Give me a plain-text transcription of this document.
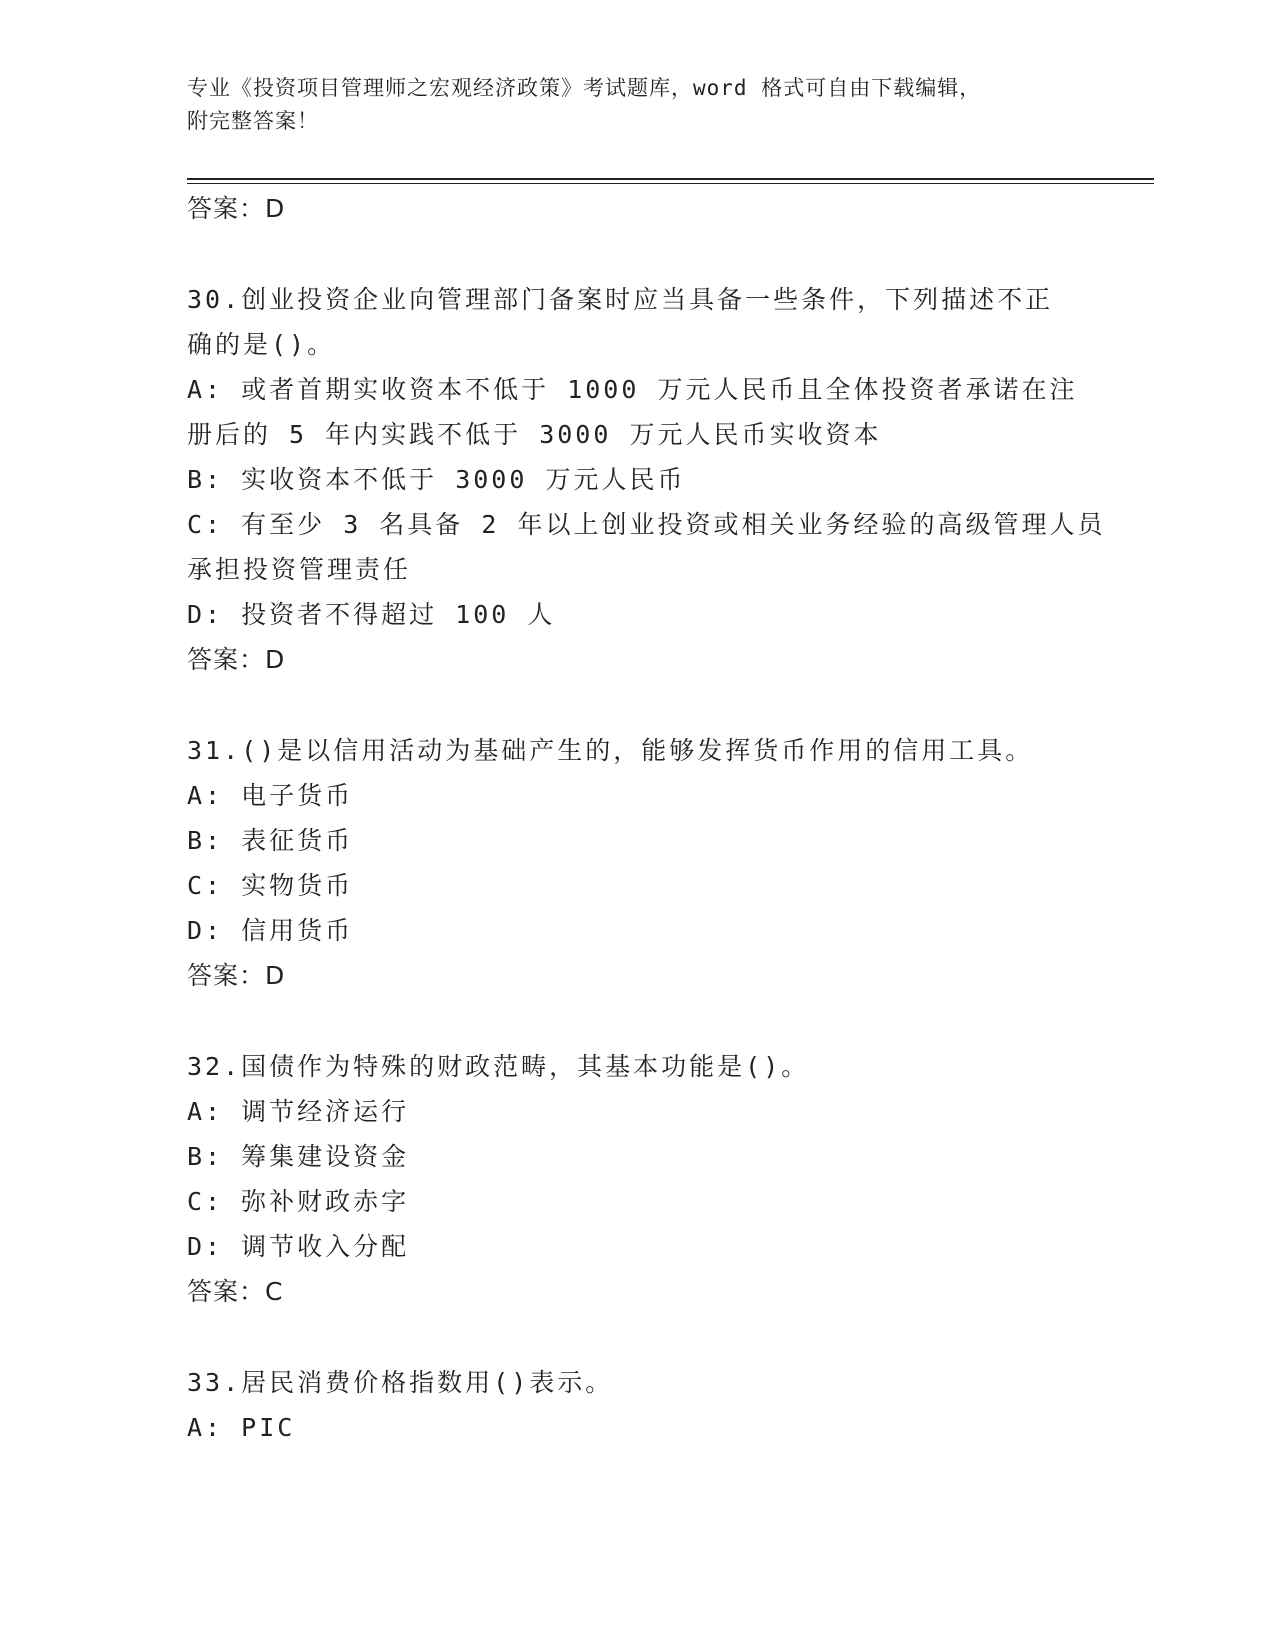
专业《投资项目管理师之宏观经济政策》考试题库，word 格式可自由下载编辑，
附完整答案！
答案：D
30.创业投资企业向管理部门备案时应当具备一些条件，下列描述不正
确的是()。
A: 或者首期实收资本不低于 1000 万元人民币且全体投资者承诺在注
册后的 5 年内实践不低于 3000 万元人民币实收资本
B: 实收资本不低于 3000 万元人民币
C: 有至少 3 名具备 2 年以上创业投资或相关业务经验的高级管理人员
承担投资管理责任
D: 投资者不得超过 100 人
答案：D
31.()是以信用活动为基础产生的，能够发挥货币作用的信用工具。
A: 电子货币
B: 表征货币
C: 实物货币
D: 信用货币
答案：D
32.国债作为特殊的财政范畴，其基本功能是()。
A: 调节经济运行
B: 筹集建设资金
C: 弥补财政赤字
D: 调节收入分配
答案：C
33.居民消费价格指数用()表示。
A: PIC
